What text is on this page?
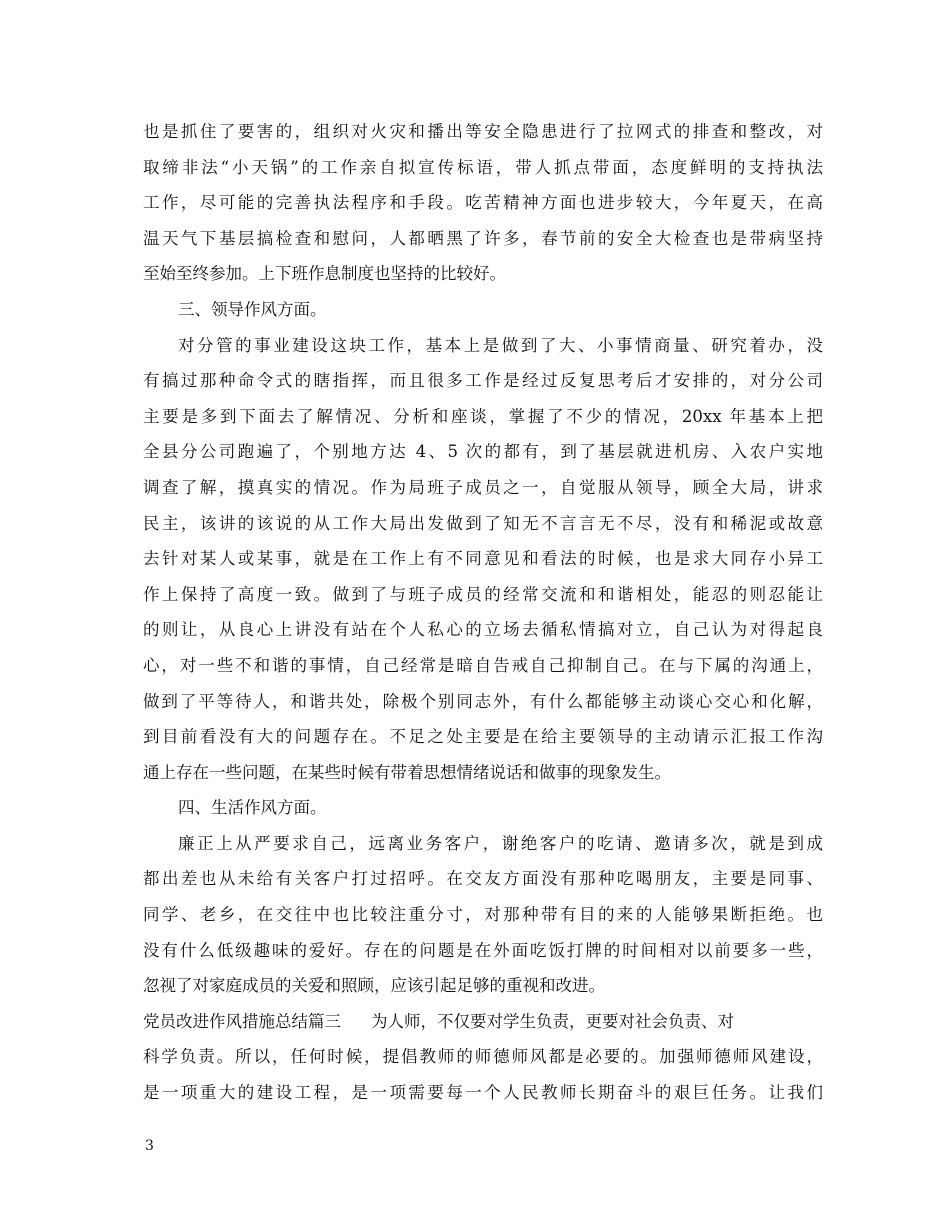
也是抓住了要害的，组织对火灾和播出等安全隐患进行了拉网式的排查和整改，对
取缔非法“小天锅”的工作亲自拟宣传标语，带人抓点带面，态度鲜明的支持执法
工作，尽可能的完善执法程序和手段。吃苦精神方面也进步较大，今年夏天，在高
温天气下基层搞检查和慰问，人都晒黑了许多，春节前的安全大检查也是带病坚持
至始至终参加。上下班作息制度也坚持的比较好。
三、领导作风方面。
对分管的事业建设这块工作，基本上是做到了大、小事情商量、研究着办，没
有搞过那种命令式的瞎指挥，而且很多工作是经过反复思考后才安排的，对分公司
主要是多到下面去了解情况、分析和座谈，掌握了不少的情况，20xx 年基本上把
全县分公司跑遍了，个别地方达 4、5 次的都有，到了基层就进机房、入农户实地
调查了解，摸真实的情况。作为局班子成员之一，自觉服从领导，顾全大局，讲求
民主，该讲的该说的从工作大局出发做到了知无不言言无不尽，没有和稀泥或故意
去针对某人或某事，就是在工作上有不同意见和看法的时候，也是求大同存小异工
作上保持了高度一致。做到了与班子成员的经常交流和和谐相处，能忍的则忍能让
的则让，从良心上讲没有站在个人私心的立场去循私情搞对立，自己认为对得起良
心，对一些不和谐的事情，自己经常是暗自告戒自己抑制自己。在与下属的沟通上，
做到了平等待人，和谐共处，除极个别同志外，有什么都能够主动谈心交心和化解，
到目前看没有大的问题存在。不足之处主要是在给主要领导的主动请示汇报工作沟
通上存在一些问题，在某些时候有带着思想情绪说话和做事的现象发生。
四、生活作风方面。
廉正上从严要求自己，远离业务客户，谢绝客户的吃请、邀请多次，就是到成
都出差也从未给有关客户打过招呼。在交友方面没有那种吃喝朋友，主要是同事、
同学、老乡，在交往中也比较注重分寸，对那种带有目的来的人能够果断拒绝。也
没有什么低级趣味的爱好。存在的问题是在外面吃饭打牌的时间相对以前要多一些，
忽视了对家庭成员的关爱和照顾，应该引起足够的重视和改进。
党员改进作风措施总结篇三 为人师，不仅要对学生负责，更要对社会负责、对
科学负责。所以，任何时候，提倡教师的师德师风都是必要的。加强师德师风建设，
是一项重大的建设工程，是一项需要每一个人民教师长期奋斗的艰巨任务。让我们
3
